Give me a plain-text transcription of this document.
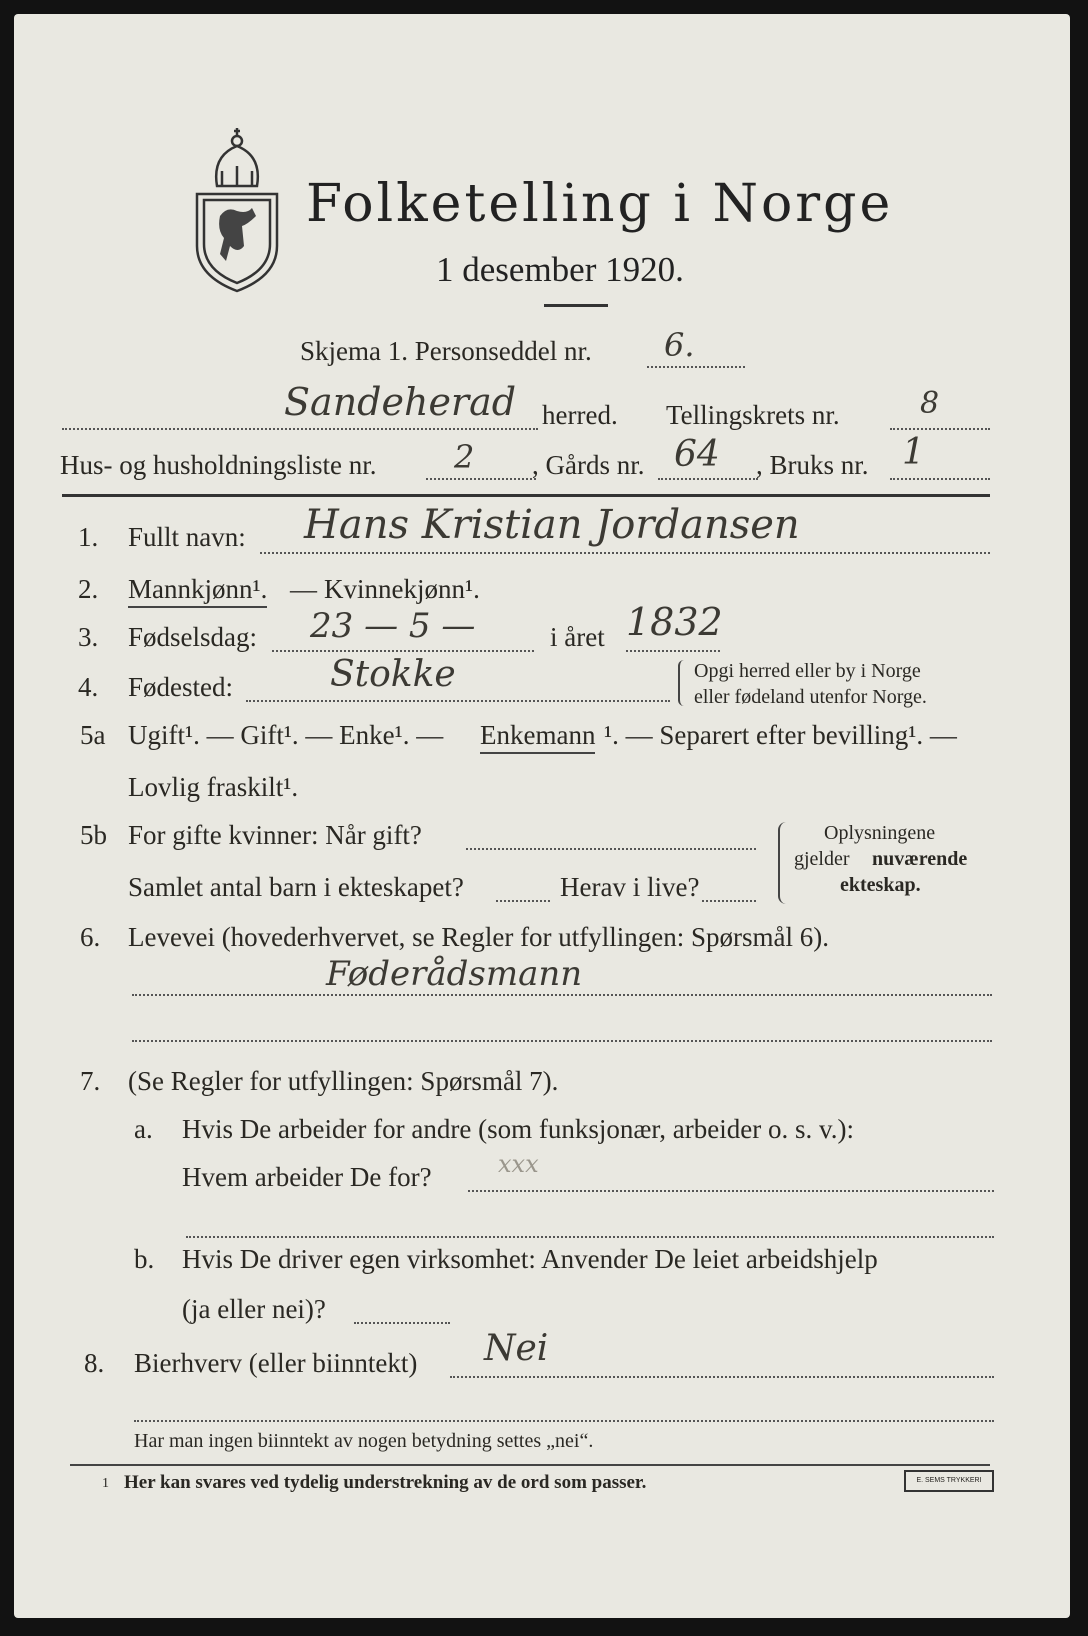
Folketelling i Norge
1 desember 1920.
Skjema 1. Personseddel nr. 6.
Sandeherad herred. Tellingskrets nr.	8
Hus- og husholdningsliste nr. 2 , Gårds nr. 64 , Bruks nr. 1
1. Fullt navn: Hans Kristian Jordansen
2. Mannkjønn¹. — Kvinnekjønn¹.
3. Fødselsdag: 23 — 5 —	i året 1832
4. Fødested:	Stokke	Opgi herred eller by i Norge
eller fødeland utenfor Norge.
5a Ugift¹. — Gift¹. — Enke¹. — Enkemann ¹. — Separert efter bevilling¹. —
Lovlig fraskilt¹.
5b For gifte kvinner: Når gift?
Samlet antal barn i ekteskapet?	Herav i live?
Oplysningene
gjelder nuværende
ekteskap.
6. Levevei (hovederhvervet, se Regler for utfyllingen: Spørsmål 6).
Føderådsmann
7. (Se Regler for utfyllingen: Spørsmål 7).
a. Hvis De arbeider for andre (som funksjonær, arbeider o. s. v.):
Hvem arbeider De for?	xxx
b. Hvis De driver egen virksomhet: Anvender De leiet arbeidshjelp
(ja eller nei)?
8. Bierhverv (eller biinntekt) Nei
Har man ingen biinntekt av nogen betydning settes „nei“.
1 Her kan svares ved tydelig understrekning av de ord som passer.	E. SEMS TRYKKERI
